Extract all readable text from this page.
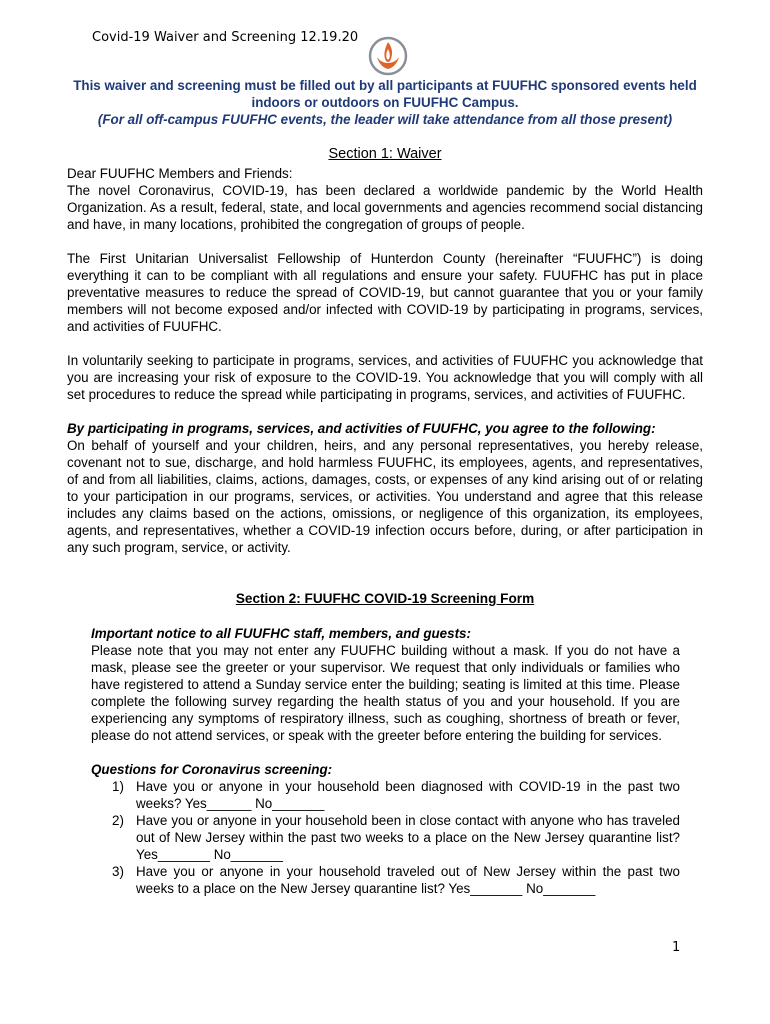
Covid-19 Waiver and Screening 12.19.20
This waiver and screening must be filled out by all participants at FUUFHC sponsored events held indoors or outdoors on FUUFHC Campus.
(For all off-campus FUUFHC events, the leader will take attendance from all those present)
Section 1: Waiver

Dear FUUFHC Members and Friends:

The novel Coronavirus, COVID-19, has been declared a worldwide pandemic by the World Health Organization. As a result, federal, state, and local governments and agencies recommend social distancing and have, in many locations, prohibited the congregation of groups of people.

The First Unitarian Universalist Fellowship of Hunterdon County (hereinafter “FUUFHC”) is doing everything it can to be compliant with all regulations and ensure your safety. FUUFHC has put in place preventative measures to reduce the spread of COVID-19, but cannot guarantee that you or your family members will not become exposed and/or infected with COVID-19 by participating in programs, services, and activities of FUUFHC.

In voluntarily seeking to participate in programs, services, and activities of FUUFHC you acknowledge that you are increasing your risk of exposure to the COVID-19. You acknowledge that you will comply with all set procedures to reduce the spread while participating in programs, services, and activities of FUUFHC.

By participating in programs, services, and activities of FUUFHC, you agree to the following:

On behalf of yourself and your children, heirs, and any personal representatives, you hereby release, covenant not to sue, discharge, and hold harmless FUUFHC, its employees, agents, and representatives, of and from all liabilities, claims, actions, damages, costs, or expenses of any kind arising out of or relating to your participation in our programs, services, or activities. You understand and agree that this release includes any claims based on the actions, omissions, or negligence of this organization, its employees, agents, and representatives, whether a COVID-19 infection occurs before, during, or after participation in any such program, service, or activity.

Section 2: FUUFHC COVID-19 Screening Form

Important notice to all FUUFHC staff, members, and guests:

Please note that you may not enter any FUUFHC building without a mask. If you do not have a mask, please see the greeter or your supervisor. We request that only individuals or families who have registered to attend a Sunday service enter the building; seating is limited at this time. Please complete the following survey regarding the health status of you and your household. If you are experiencing any symptoms of respiratory illness, such as coughing, shortness of breath or fever, please do not attend services, or speak with the greeter before entering the building for services.

Questions for Coronavirus screening:

1) Have you or anyone in your household been diagnosed with COVID-19 in the past two weeks? Yes______ No_______
2) Have you or anyone in your household been in close contact with anyone who has traveled out of New Jersey within the past two weeks to a place on the New Jersey quarantine list? Yes_______ No_______
3) Have you or anyone in your household traveled out of New Jersey within the past two weeks to a place on the New Jersey quarantine list? Yes_______ No_______
1
